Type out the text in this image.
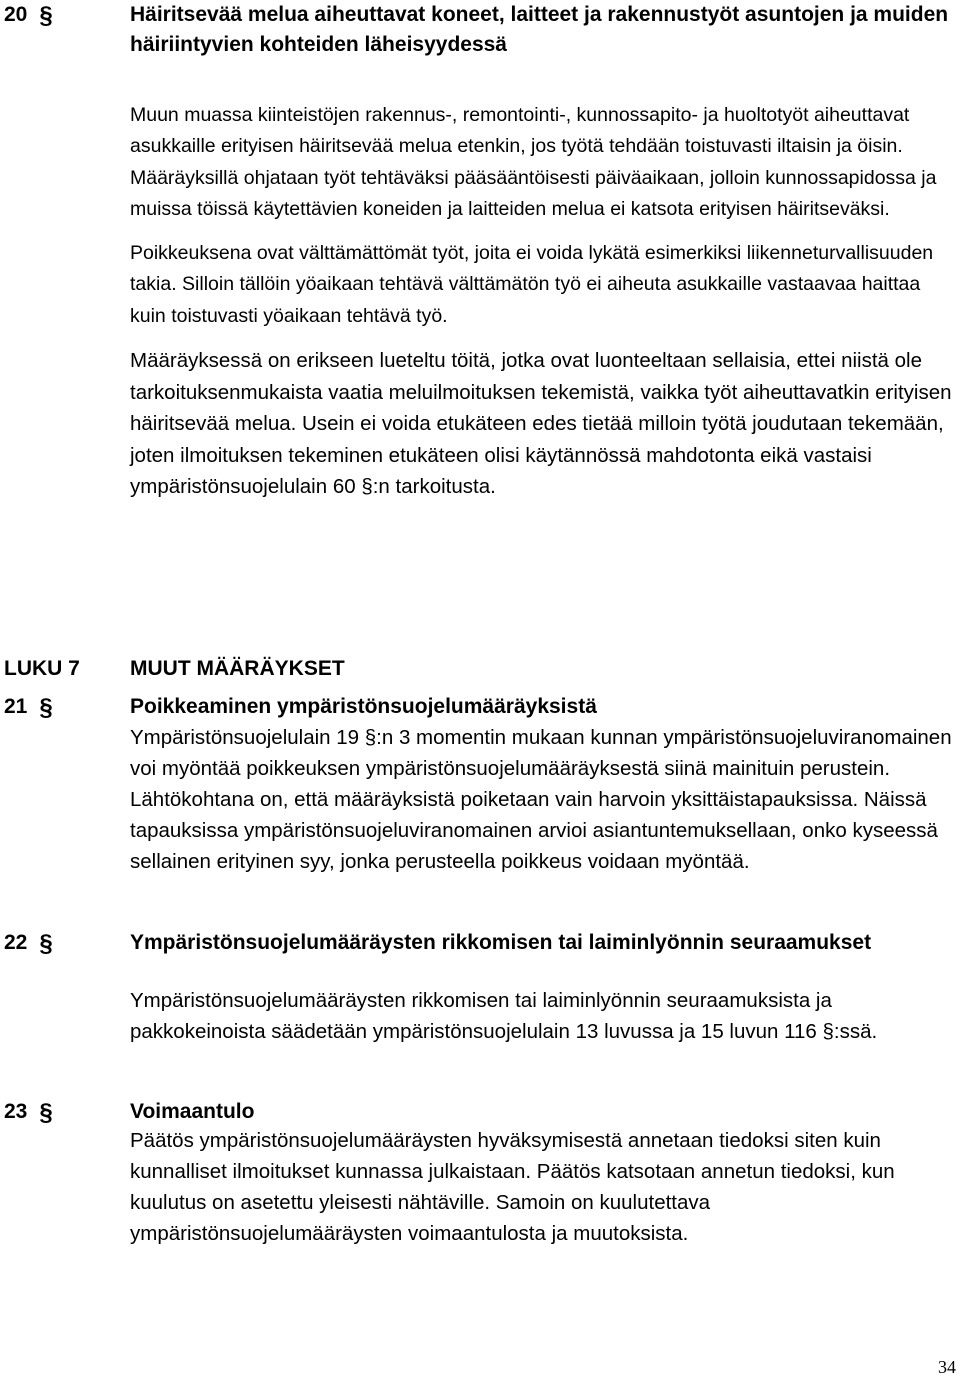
20 §	Häiritsevää melua aiheuttavat koneet, laitteet ja rakennustyöt asuntojen ja muiden häiriintyvien kohteiden läheisyydessä

Muun muassa kiinteistöjen rakennus-, remontointi-, kunnossapito- ja huoltotyöt aiheuttavat asukkaille erityisen häiritsevää melua etenkin, jos työtä tehdään toistuvasti iltaisin ja öisin. Määräyksillä ohjataan työt tehtäväksi pääsääntöisesti päiväaikaan, jolloin kunnossapidossa ja muissa töissä käytettävien koneiden ja laitteiden melua ei katsota erityisen häiritseväksi.

Poikkeuksena ovat välttämättömät työt, joita ei voida lykätä esimerkiksi liikenneturvallisuuden takia. Silloin tällöin yöaikaan tehtävä välttämätön työ ei aiheuta asukkaille vastaavaa haittaa kuin toistuvasti yöaikaan tehtävä työ.

Määräyksessä on erikseen lueteltu töitä, jotka ovat luonteeltaan sellaisia, ettei niistä ole tarkoituksenmukaista vaatia meluilmoituksen tekemistä, vaikka työt aiheuttavatkin erityisen häiritsevää melua. Usein ei voida etukäteen edes tietää milloin työtä joudutaan tekemään, joten ilmoituksen tekeminen etukäteen olisi käytännössä mahdotonta eikä vastaisi ympäristönsuojelulain 60 §:n tarkoitusta.

LUKU 7 MUUT MÄÄRÄYKSET
21 §	Poikkeaminen ympäristönsuojelumääräyksistä
Ympäristönsuojelulain 19 §:n 3 momentin mukaan kunnan ympäristönsuojeluviranomainen voi myöntää poikkeuksen ympäristönsuojelumääräyksestä siinä mainituin perustein. Lähtökohtana on, että määräyksistä poiketaan vain harvoin yksittäistapauksissa. Näissä tapauksissa ympäristönsuojeluviranomainen arvioi asiantuntemuksellaan, onko kyseessä sellainen erityinen syy, jonka perusteella poikkeus voidaan myöntää.
22 §	Ympäristönsuojelumääräysten rikkomisen tai laiminlyönnin seuraamukset
Ympäristönsuojelumääräysten rikkomisen tai laiminlyönnin seuraamuksista ja pakkokeinoista säädetään ympäristönsuojelulain 13 luvussa ja 15 luvun 116 §:ssä.
23 §	Voimaantulo
Päätös ympäristönsuojelumääräysten hyväksymisestä annetaan tiedoksi siten kuin kunnalliset ilmoitukset kunnassa julkaistaan. Päätös katsotaan annetun tiedoksi, kun kuulutus on asetettu yleisesti nähtäville. Samoin on kuulutettava ympäristönsuojelumääräysten voimaantulosta ja muutoksista.
34
